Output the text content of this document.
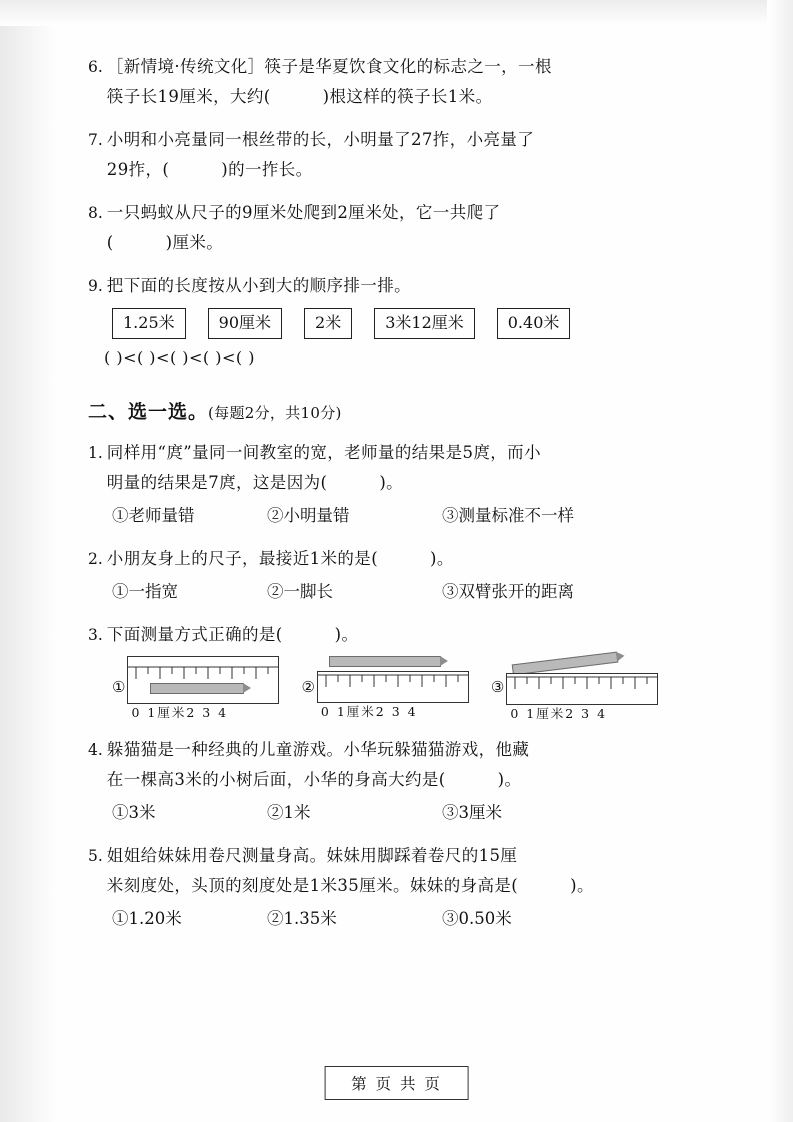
6. ［新情境·传统文化］筷子是华夏饮食文化的标志之一，一根
筷子长19厘米，大约(	)根这样的筷子长1米。
7. 小明和小亮量同一根丝带的长，小明量了27拃，小亮量了
29拃，(	)的一拃长。
8. 一只蚂蚁从尺子的9厘米处爬到2厘米处，它一共爬了
(	)厘米。
9. 把下面的长度按从小到大的顺序排一排。
1.25米	90厘米	2米	3米12厘米	0.40米
( )<( )<( )<( )<( )
二、选一选。 (每题2分，共10分)
1. 同样用“庹”量同一间教室的宽，老师量的结果是5庹，而小
明量的结果是7庹，这是因为(	)。
①老师量错	②小明量错	③测量标准不一样
2. 小朋友身上的尺子，最接近1米的是(	)。
①一指宽	②一脚长	③双臂张开的距离
3. 下面测量方式正确的是(	)。
①
0 1厘米2 3 4
②
0 1厘米2 3 4
③
0 1厘米2 3 4
4. 躲猫猫是一种经典的儿童游戏。小华玩躲猫猫游戏，他藏
在一棵高3米的小树后面，小华的身高大约是(	)。
①3米	②1米	③3厘米
5. 姐姐给妹妹用卷尺测量身高。妹妹用脚踩着卷尺的15厘
米刻度处，头顶的刻度处是1米35厘米。妹妹的身高是(	)。
①1.20米	②1.35米	③0.50米
第 页 共 页
